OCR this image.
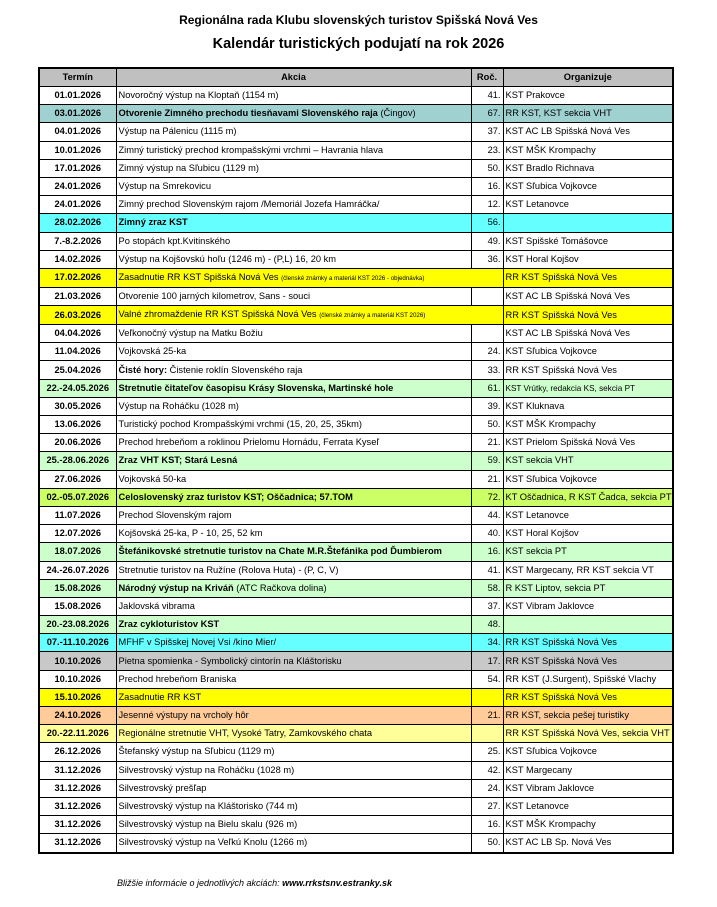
Regionálna rada Klubu slovenských turistov Spišská Nová Ves
Kalendár turistických podujatí na rok 2026
Termín	Akcia	Roč.	Organizuje
01.01.2026	Novoročný výstup na Kloptaň (1154 m)	41.	KST Prakovce
03.01.2026	Otvorenie Zimného prechodu tiesňavami Slovenského raja (Čingov)	67.	RR KST, KST sekcia VHT
04.01.2026	Výstup na Pálenicu (1115 m)	37.	KST AC LB Spišská Nová Ves
10.01.2026	Zimný turistický prechod krompašskými vrchmi – Havrania hlava	23.	KST MŠK Krompachy
17.01.2026	Zimný výstup na Sľubicu (1129 m)	50.	KST Bradlo Richnava
24.01.2026	Výstup na Smrekovicu	16.	KST Sľubica Vojkovce
24.01.2026	Zimný prechod Slovenským rajom /Memoriál Jozefa Hamráčka/	12.	KST Letanovce
28.02.2026	Zimný zraz KST	56.	
7.-8.2.2026	Po stopách kpt.Kvitinského	49.	KST Spišské Tomášovce
14.02.2026	Výstup na Kojšovskú hoľu (1246 m) - (P,L) 16, 20 km	36.	KST Horal Kojšov
17.02.2026	Zasadnutie RR KST Spišská Nová Ves (členské známky a materiál KST 2026 - objednávka)		RR KST Spišská Nová Ves
21.03.2026	Otvorenie 100 jarných kilometrov, Sans - souci		KST AC LB Spišská Nová Ves
26.03.2026	Valné zhromaždenie RR KST Spišská Nová Ves (členské známky a materiál KST 2026)		RR KST Spišská Nová Ves
04.04.2026	Veľkonočný výstup na Matku Božiu		KST AC LB Spišská Nová Ves
11.04.2026	Vojkovská 25-ka	24.	KST Sľubica Vojkovce
25.04.2026	Čisté hory: Čistenie roklín Slovenského raja	33.	RR KST Spišská Nová Ves
22.-24.05.2026	Stretnutie čitateľov časopisu Krásy Slovenska, Martinské hole	61.	KST Vrútky, redakcia KS, sekcia PT
30.05.2026	Výstup na Roháčku (1028 m)	39.	KST Kluknava
13.06.2026	Turistický pochod Krompašskými vrchmi (15, 20, 25, 35km)	50.	KST MŠK Krompachy
20.06.2026	Prechod hrebeňom a roklinou Prielomu Hornádu, Ferrata Kyseľ	21.	KST Prielom Spišská Nová Ves
25.-28.06.2026	Zraz VHT KST; Stará Lesná	59.	KST sekcia VHT
27.06.2026	Vojkovská 50-ka	21.	KST Sľubica Vojkovce
02.-05.07.2026	Celoslovenský zraz turistov KST; Oščadnica; 57.TOM	72.	KT Oščadnica, R KST Čadca, sekcia PT
11.07.2026	Prechod Slovenským rajom	44.	KST Letanovce
12.07.2026	Kojšovská 25-ka, P - 10, 25, 52 km	40.	KST Horal Kojšov
18.07.2026	Štefánikovské stretnutie turistov na Chate M.R.Štefánika pod Ďumbierom	16.	KST sekcia PT
24.-26.07.2026	Stretnutie turistov na Ružíne (Rolova Huta) - (P, C, V)	41.	KST Margecany, RR KST sekcia VT
15.08.2026	Národný výstup na Kriváň (ATC Račkova dolina)	58.	R KST Liptov, sekcia PT
15.08.2026	Jaklovská vibrama	37.	KST Vibram Jaklovce
20.-23.08.2026	Zraz cykloturistov KST	48.	
07.-11.10.2026	MFHF v Spišskej Novej Vsi /kino Mier/	34.	RR KST Spišská Nová Ves
10.10.2026	Pietna spomienka - Symbolický cintorín na Kláštorisku	17.	RR KST Spišská Nová Ves
10.10.2026	Prechod hrebeňom Braniska	54.	RR KST (J.Surgent), Spišské Vlachy
15.10.2026	Zasadnutie RR KST		RR KST Spišská Nová Ves
24.10.2026	Jesenné výstupy na vrcholy hôr	21.	RR KST, sekcia pešej turistiky
20.-22.11.2026	Regionálne stretnutie VHT, Vysoké Tatry, Zamkovského chata		RR KST Spišská Nová Ves, sekcia VHT
26.12.2026	Štefanský výstup na Sľubicu (1129 m)	25.	KST Sľubica Vojkovce
31.12.2026	Silvestrovský výstup na Roháčku (1028 m)	42.	KST Margecany
31.12.2026	Silvestrovský prešľap	24.	KST Vibram Jaklovce
31.12.2026	Silvestrovský výstup na Kláštorisko (744 m)	27.	KST Letanovce
31.12.2026	Silvestrovský výstup na Bielu skalu (926 m)	16.	KST MŠK Krompachy
31.12.2026	Silvestrovský výstup na Veľkú Knolu (1266 m)	50.	KST AC LB Sp. Nová Ves
Bližšie informácie o jednotlivých akciách: www.rrkstsnv.estranky.sk
